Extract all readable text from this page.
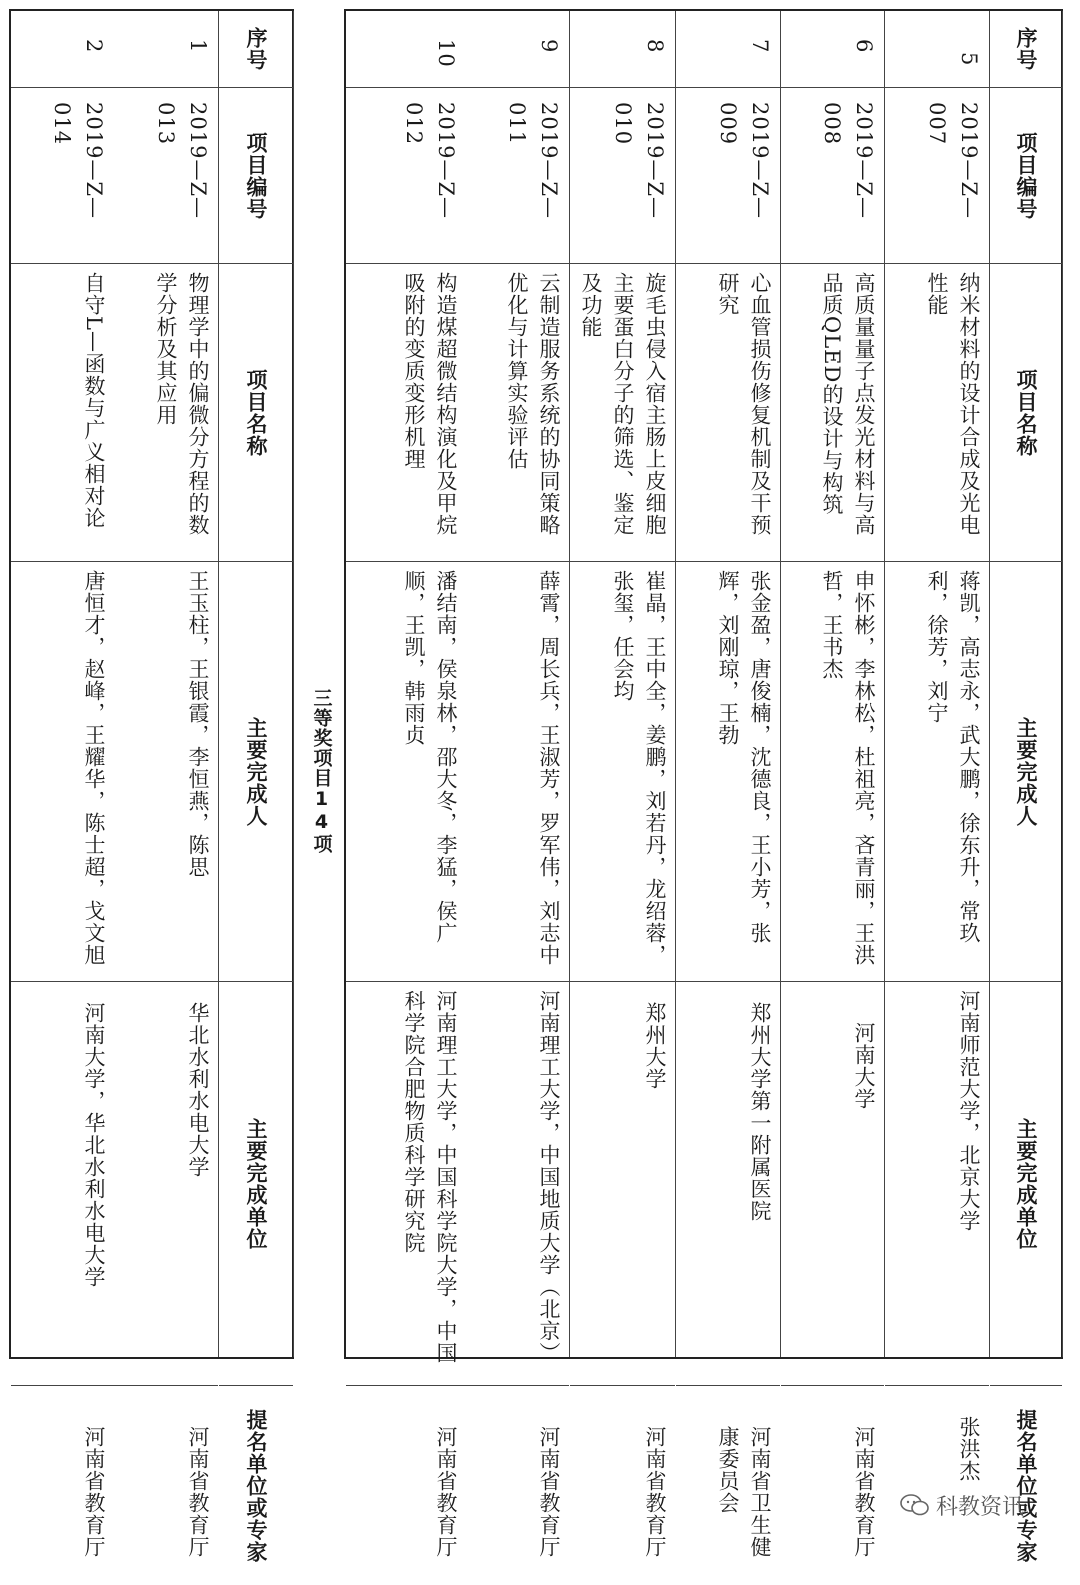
序号
项目编号
项目名称
主要完成人
主要完成单位
提名单位或专家
5
2019—Z—007
纳米材料的设计合成及光电性能
蒋凯，高志永，武大鹏，徐东升，常玖利，徐芳，刘宁
河南师范大学，北京大学
张洪杰
6
2019—Z—008
高质量量子点发光材料与高品质QLED的设计与构筑
申怀彬，李林松，杜祖亮，吝青丽，王洪哲，王书杰
河南大学
河南省教育厅
7
2019—Z—009
心血管损伤修复机制及干预研究
张金盈，唐俊楠，沈德良，王小芳，张辉，刘刚琼，王勃
郑州大学第一附属医院
河南省卫生健康委员会
8
2019—Z—010
旋毛虫侵入宿主肠上皮细胞主要蛋白分子的筛选、鉴定及功能
崔晶，王中全，姜鹏，刘若丹，龙绍蓉，张玺，任会均
郑州大学
河南省教育厅
9
2019—Z—011
云制造服务系统的协同策略优化与计算实验评估
薛霄，周长兵，王淑芳，罗军伟，刘志中
河南理工大学，中国地质大学（北京）
河南省教育厅
10
2019—Z—012
构造煤超微结构演化及甲烷吸附的变质变形机理
潘结南，侯泉林，邵大冬，李猛，侯广顺，王凯，韩雨贞
河南理工大学，中国科学院大学，中国科学院合肥物质科学研究院
河南省教育厅
三等奖项目14项
序号
项目编号
项目名称
主要完成人
主要完成单位
提名单位或专家
1
2019—Z—013
物理学中的偏微分方程的数学分析及其应用
王玉柱，王银霞，李恒燕，陈思
华北水利水电大学
河南省教育厅
2
2019—Z—014
自守L—函数与广义相对论
唐恒才，赵峰，王耀华，陈士超，戈文旭
河南大学，华北水利水电大学
河南省教育厅	科教资讯
